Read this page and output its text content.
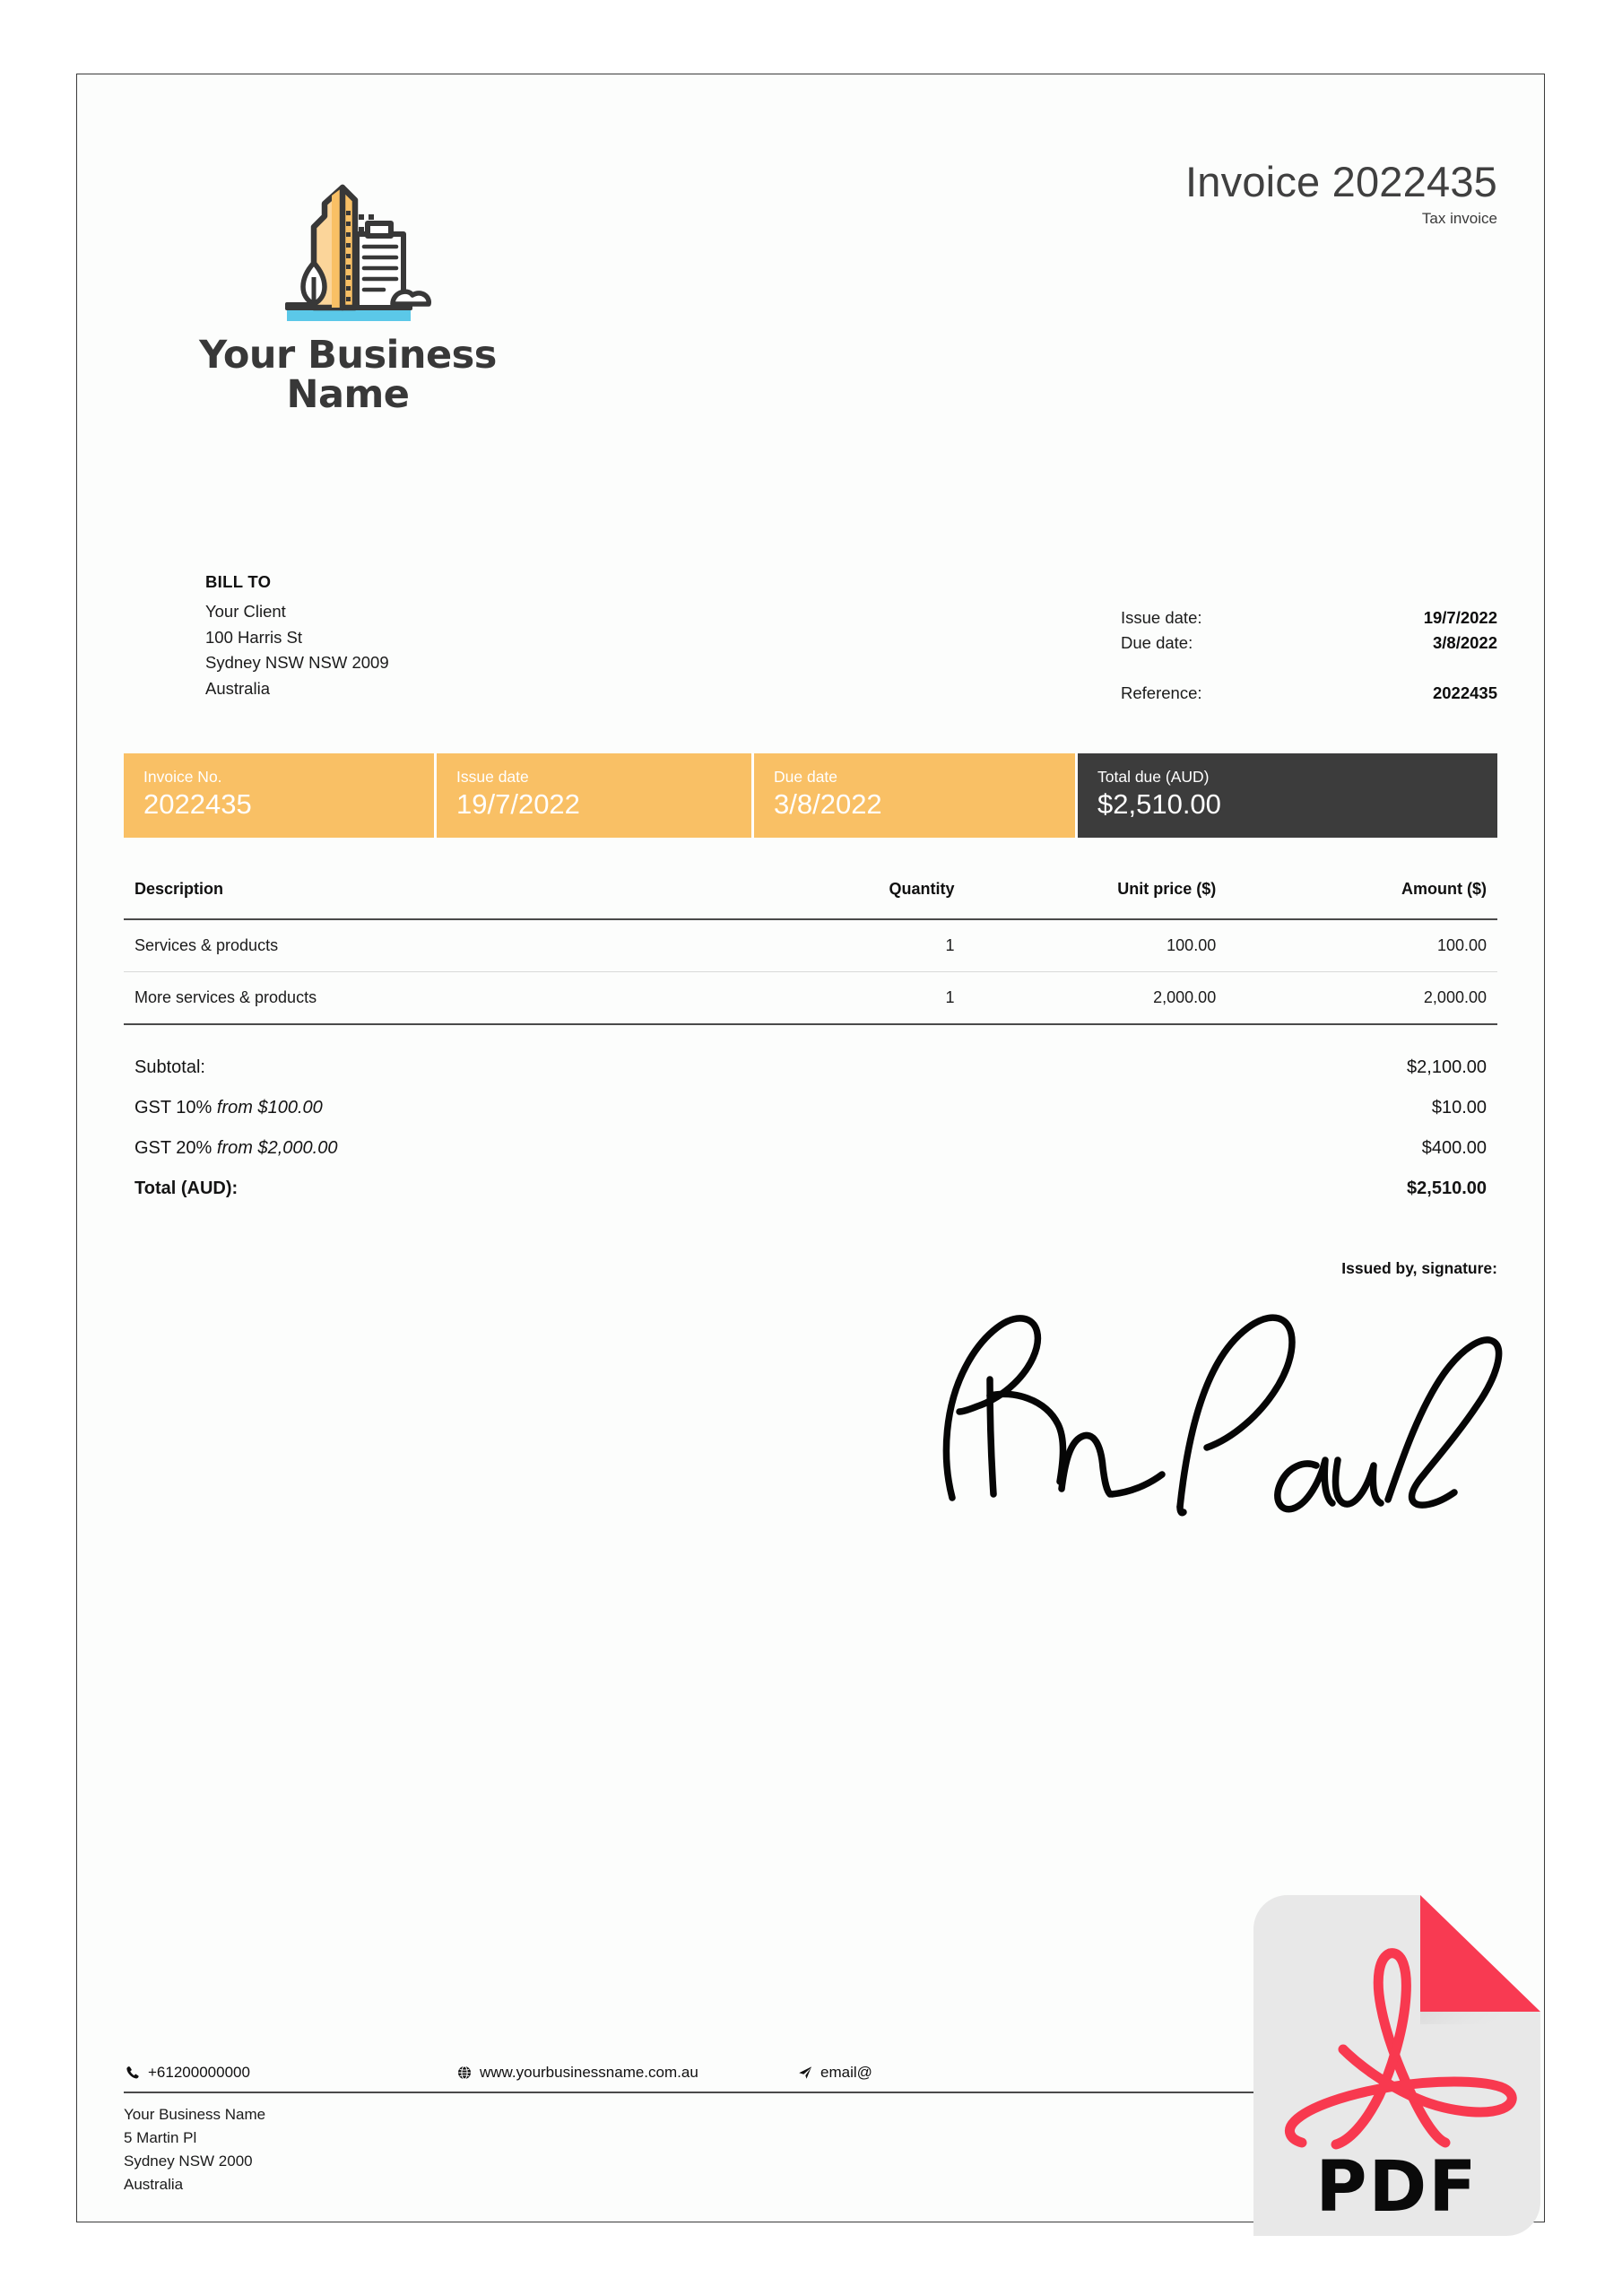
Invoice 2022435
Tax invoice
Your Business
Name
BILL TO
Your Client
100 Harris St
Sydney NSW NSW 2009
Australia
Issue date:	19/7/2022
Due date:	3/8/2022
Reference:	2022435
Invoice No.
2022435
Issue date
19/7/2022
Due date
3/8/2022
Total due (AUD)
$2,510.00
Description	Quantity	Unit price ($)	Amount ($)
Services & products	1	100.00	100.00
More services & products	1	2,000.00	2,000.00
Subtotal:	$2,100.00
GST 10% from $100.00	$10.00
GST 20% from $2,000.00	$400.00
Total (AUD):	$2,510.00
Issued by, signature:
+61200000000	www.yourbusinessname.com.au	email@
Your Business Name
5 Martin Pl
Sydney NSW 2000
Australia	PDF
